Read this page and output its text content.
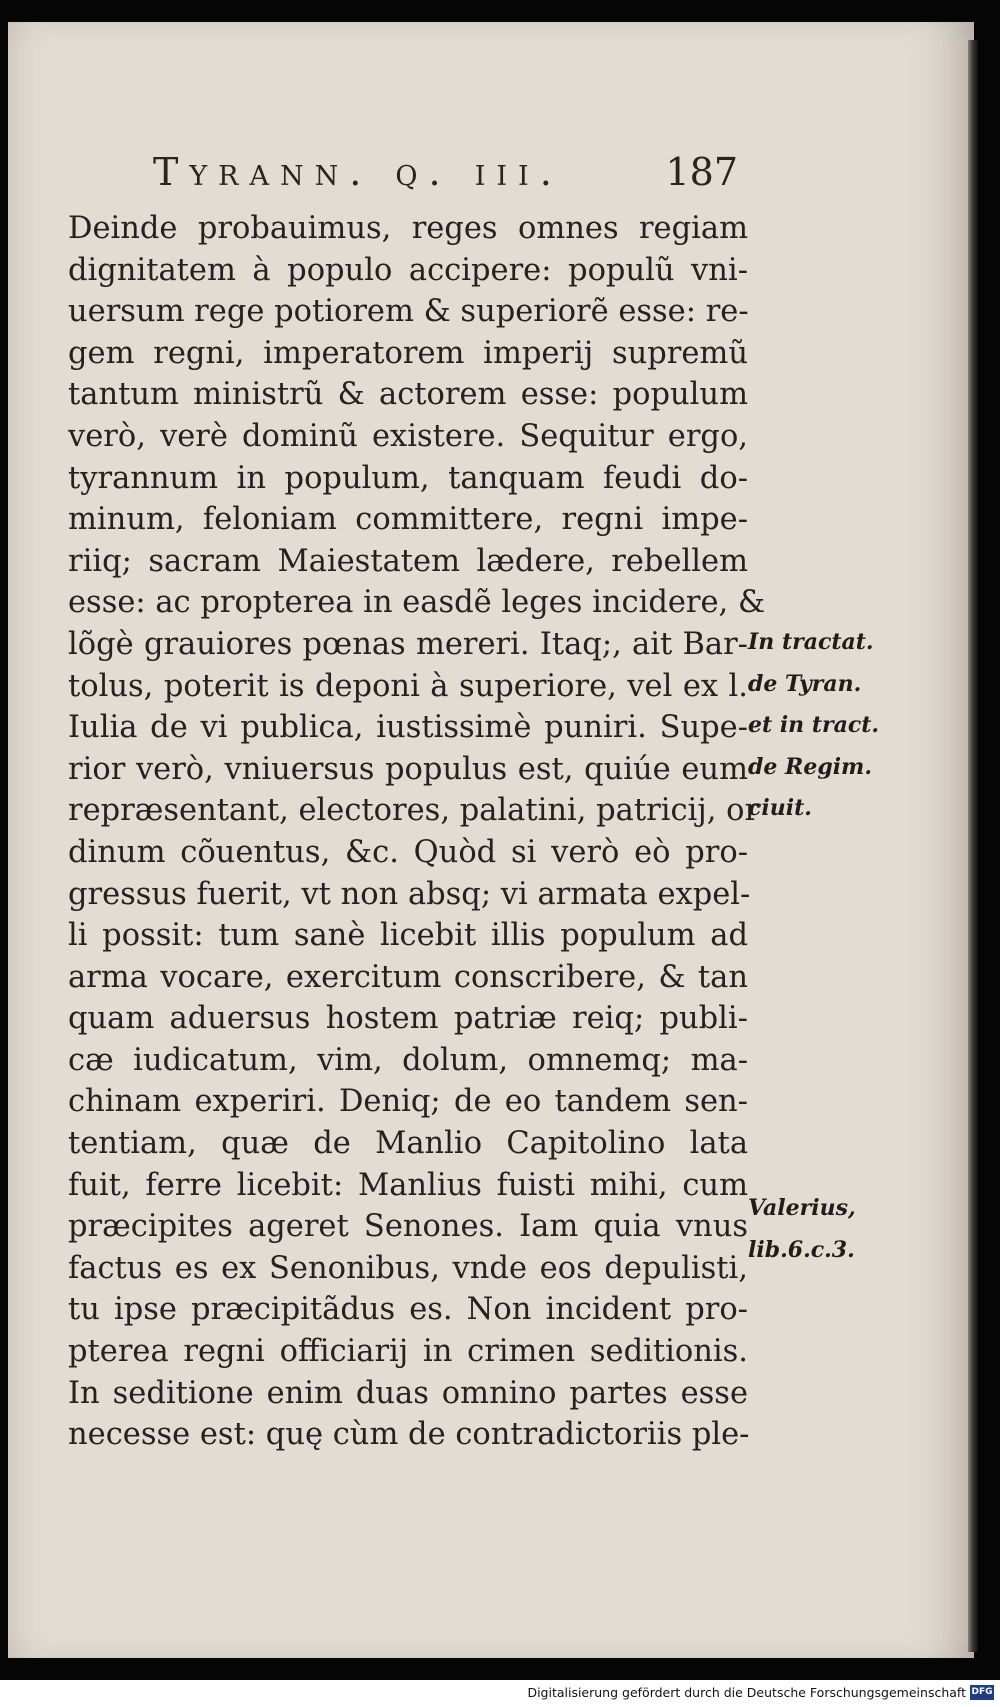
Tyrann. q. iii.	187
Deinde probauimus, reges omnes regiam
dignitatem à populo accipere: populũ vni-
uersum rege potiorem & superiorẽ esse: re-
gem regni, imperatorem imperij supremũ
tantum ministrũ & actorem esse: populum
verò, verè dominũ existere. Sequitur ergo,
tyrannum in populum, tanquam feudi do-
minum, feloniam committere, regni impe-
riiq; sacram Maiestatem lædere, rebellem
esse: ac propterea in easdẽ leges incidere, &
lõgè grauiores pœnas mereri. Itaq;, ait Bar-
tolus, poterit is deponi à superiore, vel ex l.
Iulia de vi publica, iustissimè puniri. Supe-
rior verò, vniuersus populus est, quiúe eum
repræsentant, electores, palatini, patricij, or
dinum cõuentus, &c. Quòd si verò eò pro-
gressus fuerit, vt non absq; vi armata expel-
li possit: tum sanè licebit illis populum ad
arma vocare, exercitum conscribere, & tan
quam aduersus hostem patriæ reiq; publi-
cæ iudicatum, vim, dolum, omnemq; ma-
chinam experiri. Deniq; de eo tandem sen-
tentiam, quæ de Manlio Capitolino lata
fuit, ferre licebit: Manlius fuisti mihi, cum
præcipites ageret Senones. Iam quia vnus
factus es ex Senonibus, vnde eos depulisti,
tu ipse præcipitãdus es. Non incident pro-
pterea regni officiarij in crimen seditionis.
In seditione enim duas omnino partes esse
necesse est: quę cùm de contradictoriis ple-
In tractat.
de Tyran.
et in tract.
de Regim.
ciuit.
Valerius,
lib.6.c.3.
Digitalisierung gefördert durch die Deutsche Forschungsgemeinschaft DFG
